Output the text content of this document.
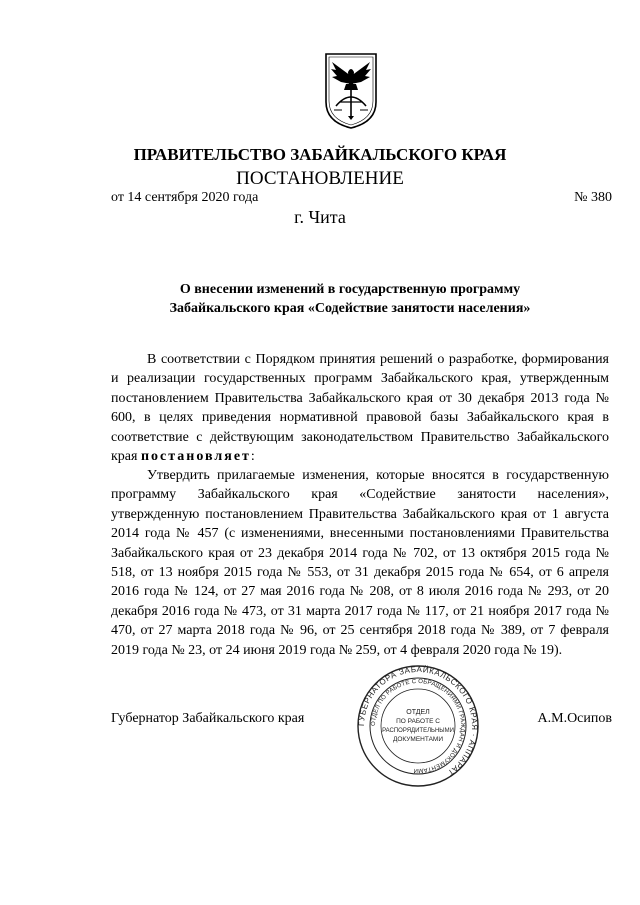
ПРАВИТЕЛЬСТВО ЗАБАЙКАЛЬСКОГО КРАЯ
ПОСТАНОВЛЕНИЕ
от 14 сентября 2020 года	№ 380
г. Чита
О внесении изменений в государственную программу
Забайкальского края «Содействие занятости населения»
В соответствии с Порядком принятия решений о разработке, формирования и реализации государственных программ Забайкальского края, утвержденным постановлением Правительства Забайкальского края от 30 декабря 2013 года № 600, в целях приведения нормативной правовой базы Забайкальского края в соответствие с действующим законодательством Правительство Забайкальского края постановляет:
Утвердить прилагаемые изменения, которые вносятся в государственную программу Забайкальского края «Содействие занятости населения», утвержденную постановлением Правительства Забайкальского края от 1 августа 2014 года № 457 (с изменениями, внесенными постановлениями Правительства Забайкальского края от 23 декабря 2014 года № 702, от 13 октября 2015 года № 518, от 13 ноября 2015 года № 553, от 31 декабря 2015 года № 654, от 6 апреля 2016 года № 124, от 27 мая 2016 года № 208, от 8 июля 2016 года № 293, от 20 декабря 2016 года № 473, от 31 марта 2017 года № 117, от 21 ноября 2017 года № 470, от 27 марта 2018 года № 96, от 25 сентября 2018 года № 389, от 7 февраля 2019 года № 23, от 24 июня 2019 года № 259, от 4 февраля 2020 года № 19).
Губернатор Забайкальского края	А.М.Осипов
ГУБЕРНАТОРА ЗАБАЙКАЛЬСКОГО КРАЯ · АППАРАТ
ОТДЕЛ ПО РАБОТЕ С ОБРАЩЕНИЯМИ ГРАЖДАН И ДОКУМЕНТАМИ
ОТДЕЛ
ПО РАБОТЕ С
РАСПОРЯДИТЕЛЬНЫМИ
ДОКУМЕНТАМИ
